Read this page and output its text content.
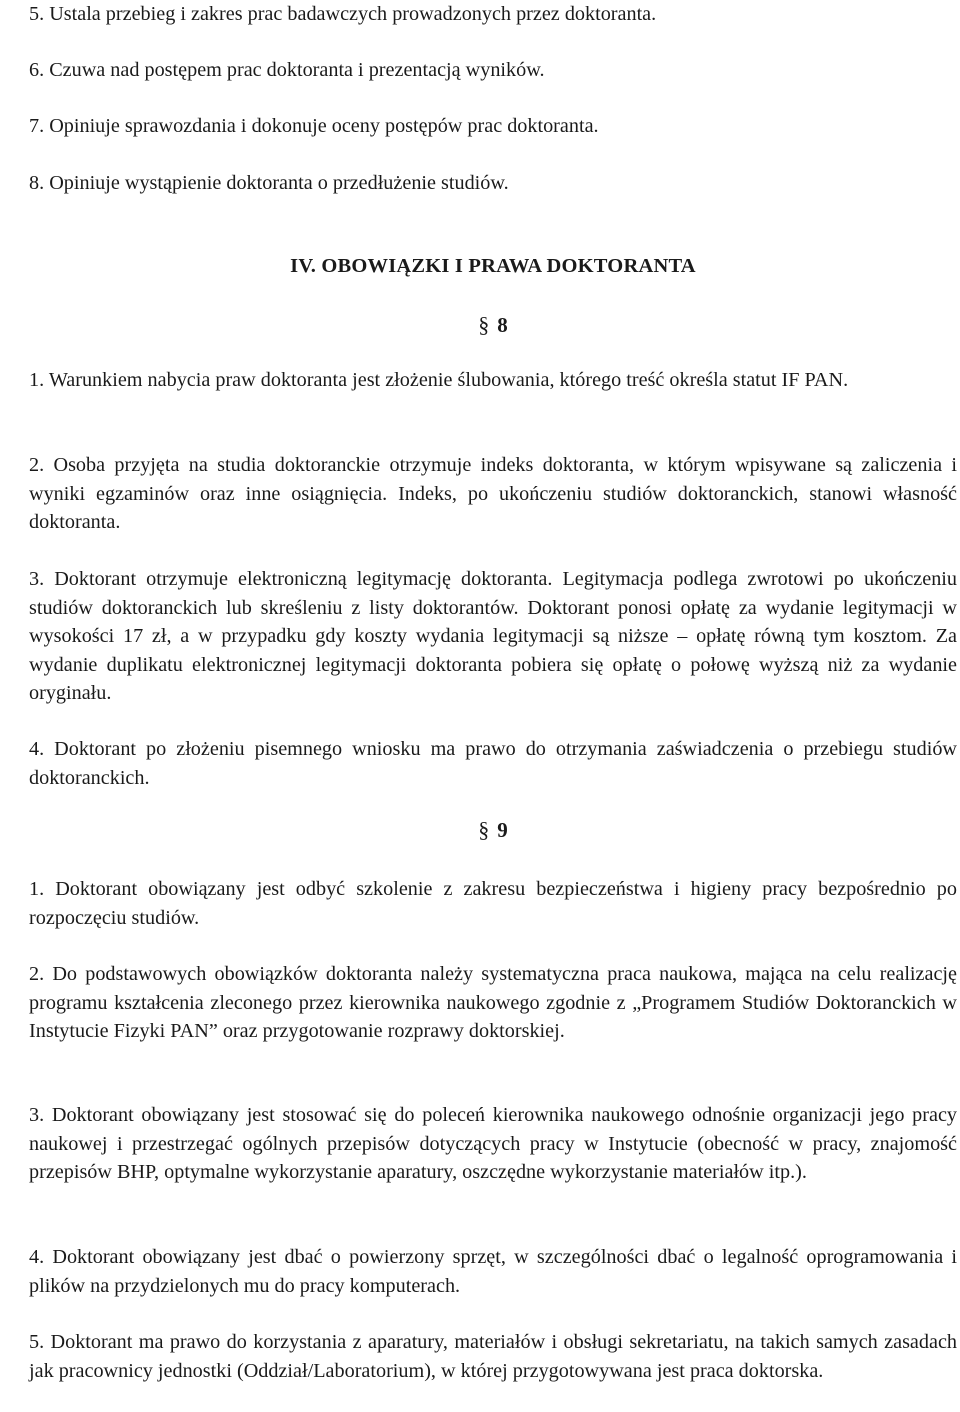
5. Ustala przebieg i zakres prac badawczych prowadzonych przez doktoranta.
6. Czuwa nad postępem prac doktoranta i prezentacją wyników.
7. Opiniuje sprawozdania i dokonuje oceny postępów prac doktoranta.
8. Opiniuje wystąpienie doktoranta o przedłużenie studiów.
IV. OBOWIĄZKI I PRAWA DOKTORANTA
§ 8
1. Warunkiem nabycia praw doktoranta jest złożenie ślubowania, którego treść określa statut IF PAN.
2. Osoba przyjęta na studia doktoranckie otrzymuje indeks doktoranta, w którym wpisywane są zaliczenia i wyniki egzaminów oraz inne osiągnięcia. Indeks, po ukończeniu studiów doktoranckich, stanowi własność doktoranta.
3. Doktorant otrzymuje elektroniczną legitymację doktoranta. Legitymacja podlega zwrotowi po ukończeniu studiów doktoranckich lub skreśleniu z listy doktorantów. Doktorant ponosi opłatę za wydanie legitymacji w wysokości 17 zł, a w przypadku gdy koszty wydania legitymacji są niższe – opłatę równą tym kosztom. Za wydanie duplikatu elektronicznej legitymacji doktoranta pobiera się opłatę o połowę wyższą niż za wydanie oryginału.
4. Doktorant po złożeniu pisemnego wniosku ma prawo do otrzymania zaświadczenia o przebiegu studiów doktoranckich.
§ 9
1. Doktorant obowiązany jest odbyć szkolenie z zakresu bezpieczeństwa i higieny pracy bezpośrednio po rozpoczęciu studiów.
2. Do podstawowych obowiązków doktoranta należy systematyczna praca naukowa, mająca na celu realizację programu kształcenia zleconego przez kierownika naukowego zgodnie z „Programem Studiów Doktoranckich w Instytucie Fizyki PAN” oraz przygotowanie rozprawy doktorskiej.
3. Doktorant obowiązany jest stosować się do poleceń kierownika naukowego odnośnie organizacji jego pracy naukowej i przestrzegać ogólnych przepisów dotyczących pracy w Instytucie (obecność w pracy, znajomość przepisów BHP, optymalne wykorzystanie aparatury, oszczędne wykorzystanie materiałów itp.).
4. Doktorant obowiązany jest dbać o powierzony sprzęt, w szczególności dbać o legalność oprogramowania i plików na przydzielonych mu do pracy komputerach.
5. Doktorant ma prawo do korzystania z aparatury, materiałów i obsługi sekretariatu, na takich samych zasadach jak pracownicy jednostki (Oddział/Laboratorium), w której przygotowywana jest praca doktorska.
